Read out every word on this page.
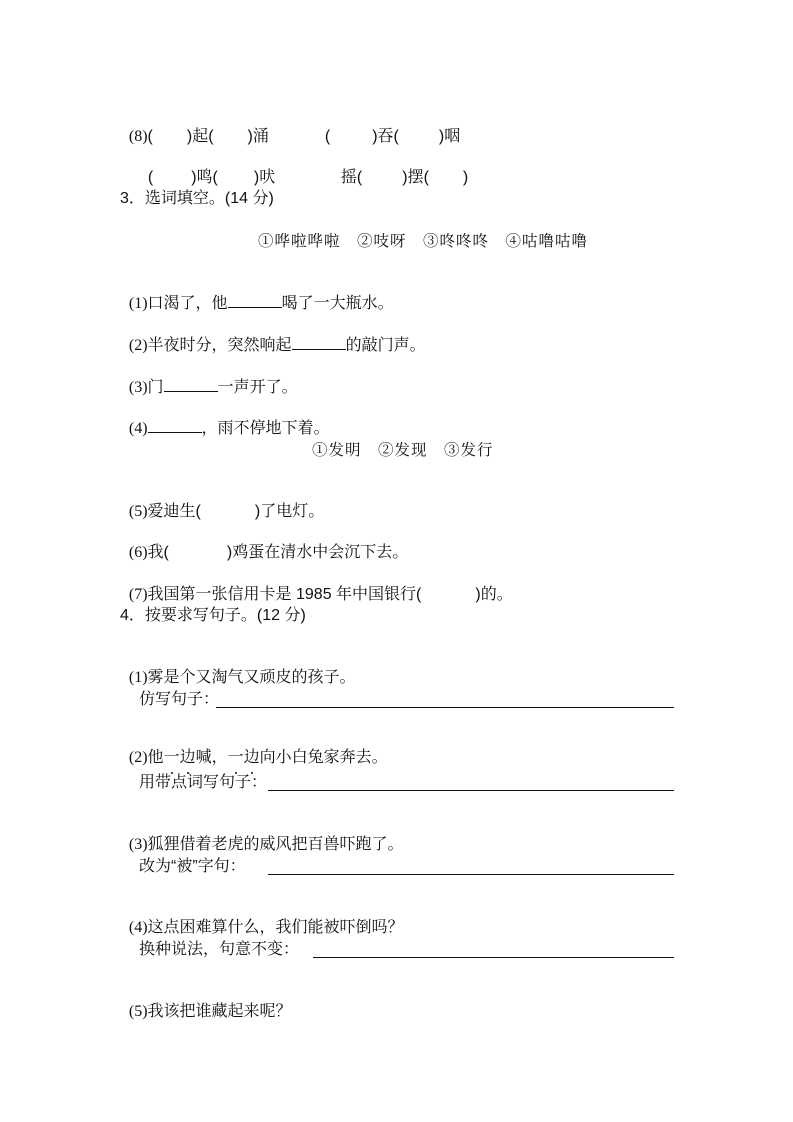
(8)( )起( )涌	(	)吞(	)咽

( )鸣( )吠	摇(	)摆( )

3．选词填空。(14 分)
①哗啦哗啦　②吱呀　③咚咚咚　④咕噜咕噜

(1)口渴了，他	喝了一大瓶水。

(2)半夜时分，突然响起	的敲门声。

(3)门	一声开了。

(4)	，雨不停地下着。

①发明　②发现　③发行

(5)爱迪生(	)了电灯。

(6)我(	)鸡蛋在清水中会沉下去。

(7)我国第一张信用卡是 1985 年中国银行(	)的。

4．按要求写句子。(12 分)

(1)雾是个又淘气又顽皮的孩子。

仿写句子：

(2)他一边喊，一边向小白兔家奔去。

用带点词写句子：

(3)狐狸借着老虎的威风把百兽吓跑了。

改为“被”字句：

(4)这点困难算什么，我们能被吓倒吗？

换种说法，句意不变：

(5)我该把谁藏起来呢？
